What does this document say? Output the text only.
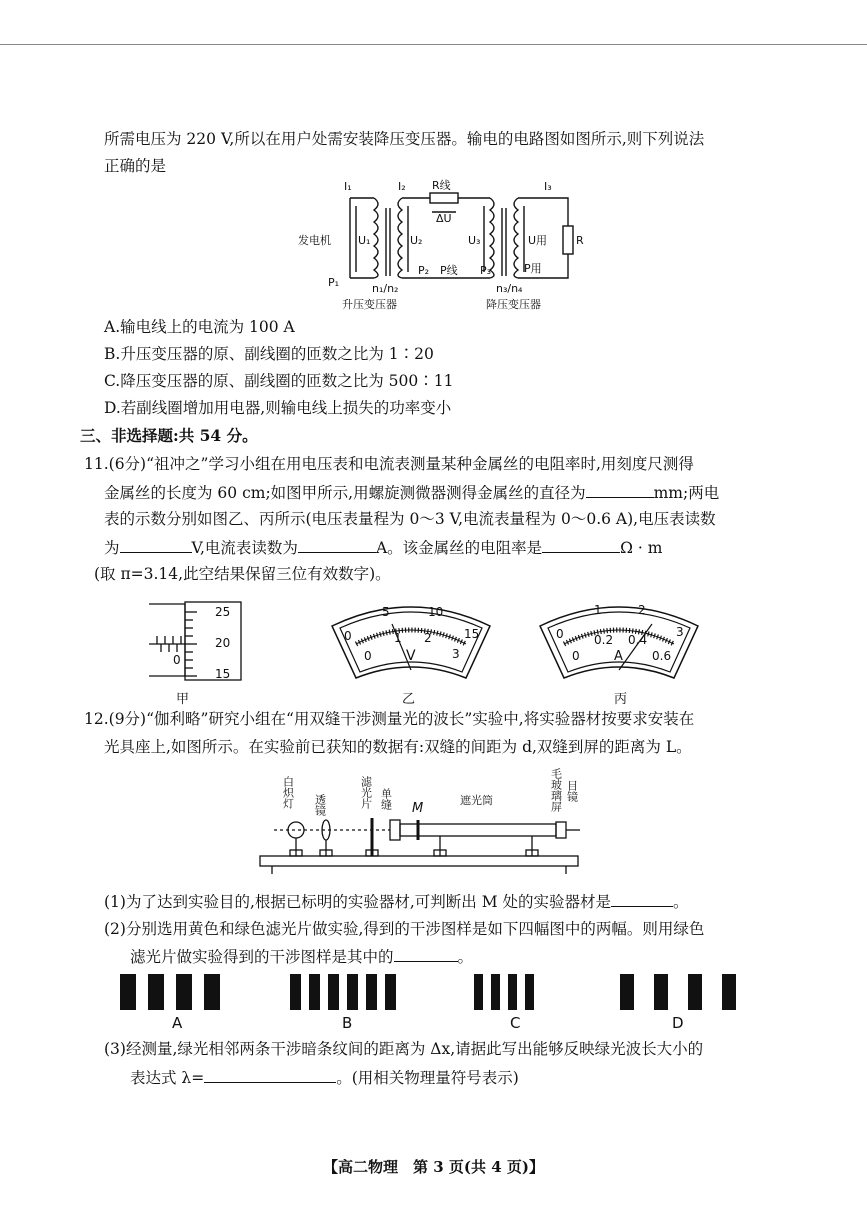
所需电压为 220 V,所以在用户处需安装降压变压器。输电的电路图如图所示,则下列说法
正确的是
I₁	I₂ R线
ΔU
I₃
发电机 U₁	U₂	U₃	U用	R
P₁
P₂ P线 P₃	P用
n₁/n₂	n₃/n₄
升压变压器	降压变压器
A.输电线上的电流为 100 A
B.升压变压器的原、副线圈的匝数之比为 1∶20
C.降压变压器的原、副线圈的匝数之比为 500∶11
D.若副线圈增加用电器,则输电线上损失的功率变小
三、非选择题:共 54 分。
11.(6分)“祖冲之”学习小组在用电压表和电流表测量某种金属丝的电阻率时,用刻度尺测得
金属丝的长度为 60 cm;如图甲所示,用螺旋测微器测得金属丝的直径为	mm;两电
表的示数分别如图乙、丙所示(电压表量程为 0～3 V,电流表量程为 0～0.6 A),电压表读数
为	V,电流表读数为	A。该金属丝的电阻率是	Ω · m
(取 π=3.14,此空结果保留三位有效数字)。
25
20
15
0
甲
0
5	10
15
0
1 2
3
V
乙
0
1	2
3
0
0.2 0.4
0.6
A
丙
12.(9分)“伽利略”研究小组在“用双缝干涉测量光的波长”实验中,将实验器材按要求安装在
光具座上,如图所示。在实验前已获知的数据有:双缝的间距为 d,双缝到屏的距离为 L。
白炽灯 透镜	滤光片 单缝 M
遮光筒	毛玻璃屏 目镜
(1)为了达到实验目的,根据已标明的实验器材,可判断出 M 处的实验器材是	。
(2)分别选用黄色和绿色滤光片做实验,得到的干涉图样是如下四幅图中的两幅。则用绿色
滤光片做实验得到的干涉图样是其中的	。
A	B	C	D
(3)经测量,绿光相邻两条干涉暗条纹间的距离为 Δx,请据此写出能够反映绿光波长大小的
表达式 λ=	。(用相关物理量符号表示)
【高二物理　第 3 页(共 4 页)】
